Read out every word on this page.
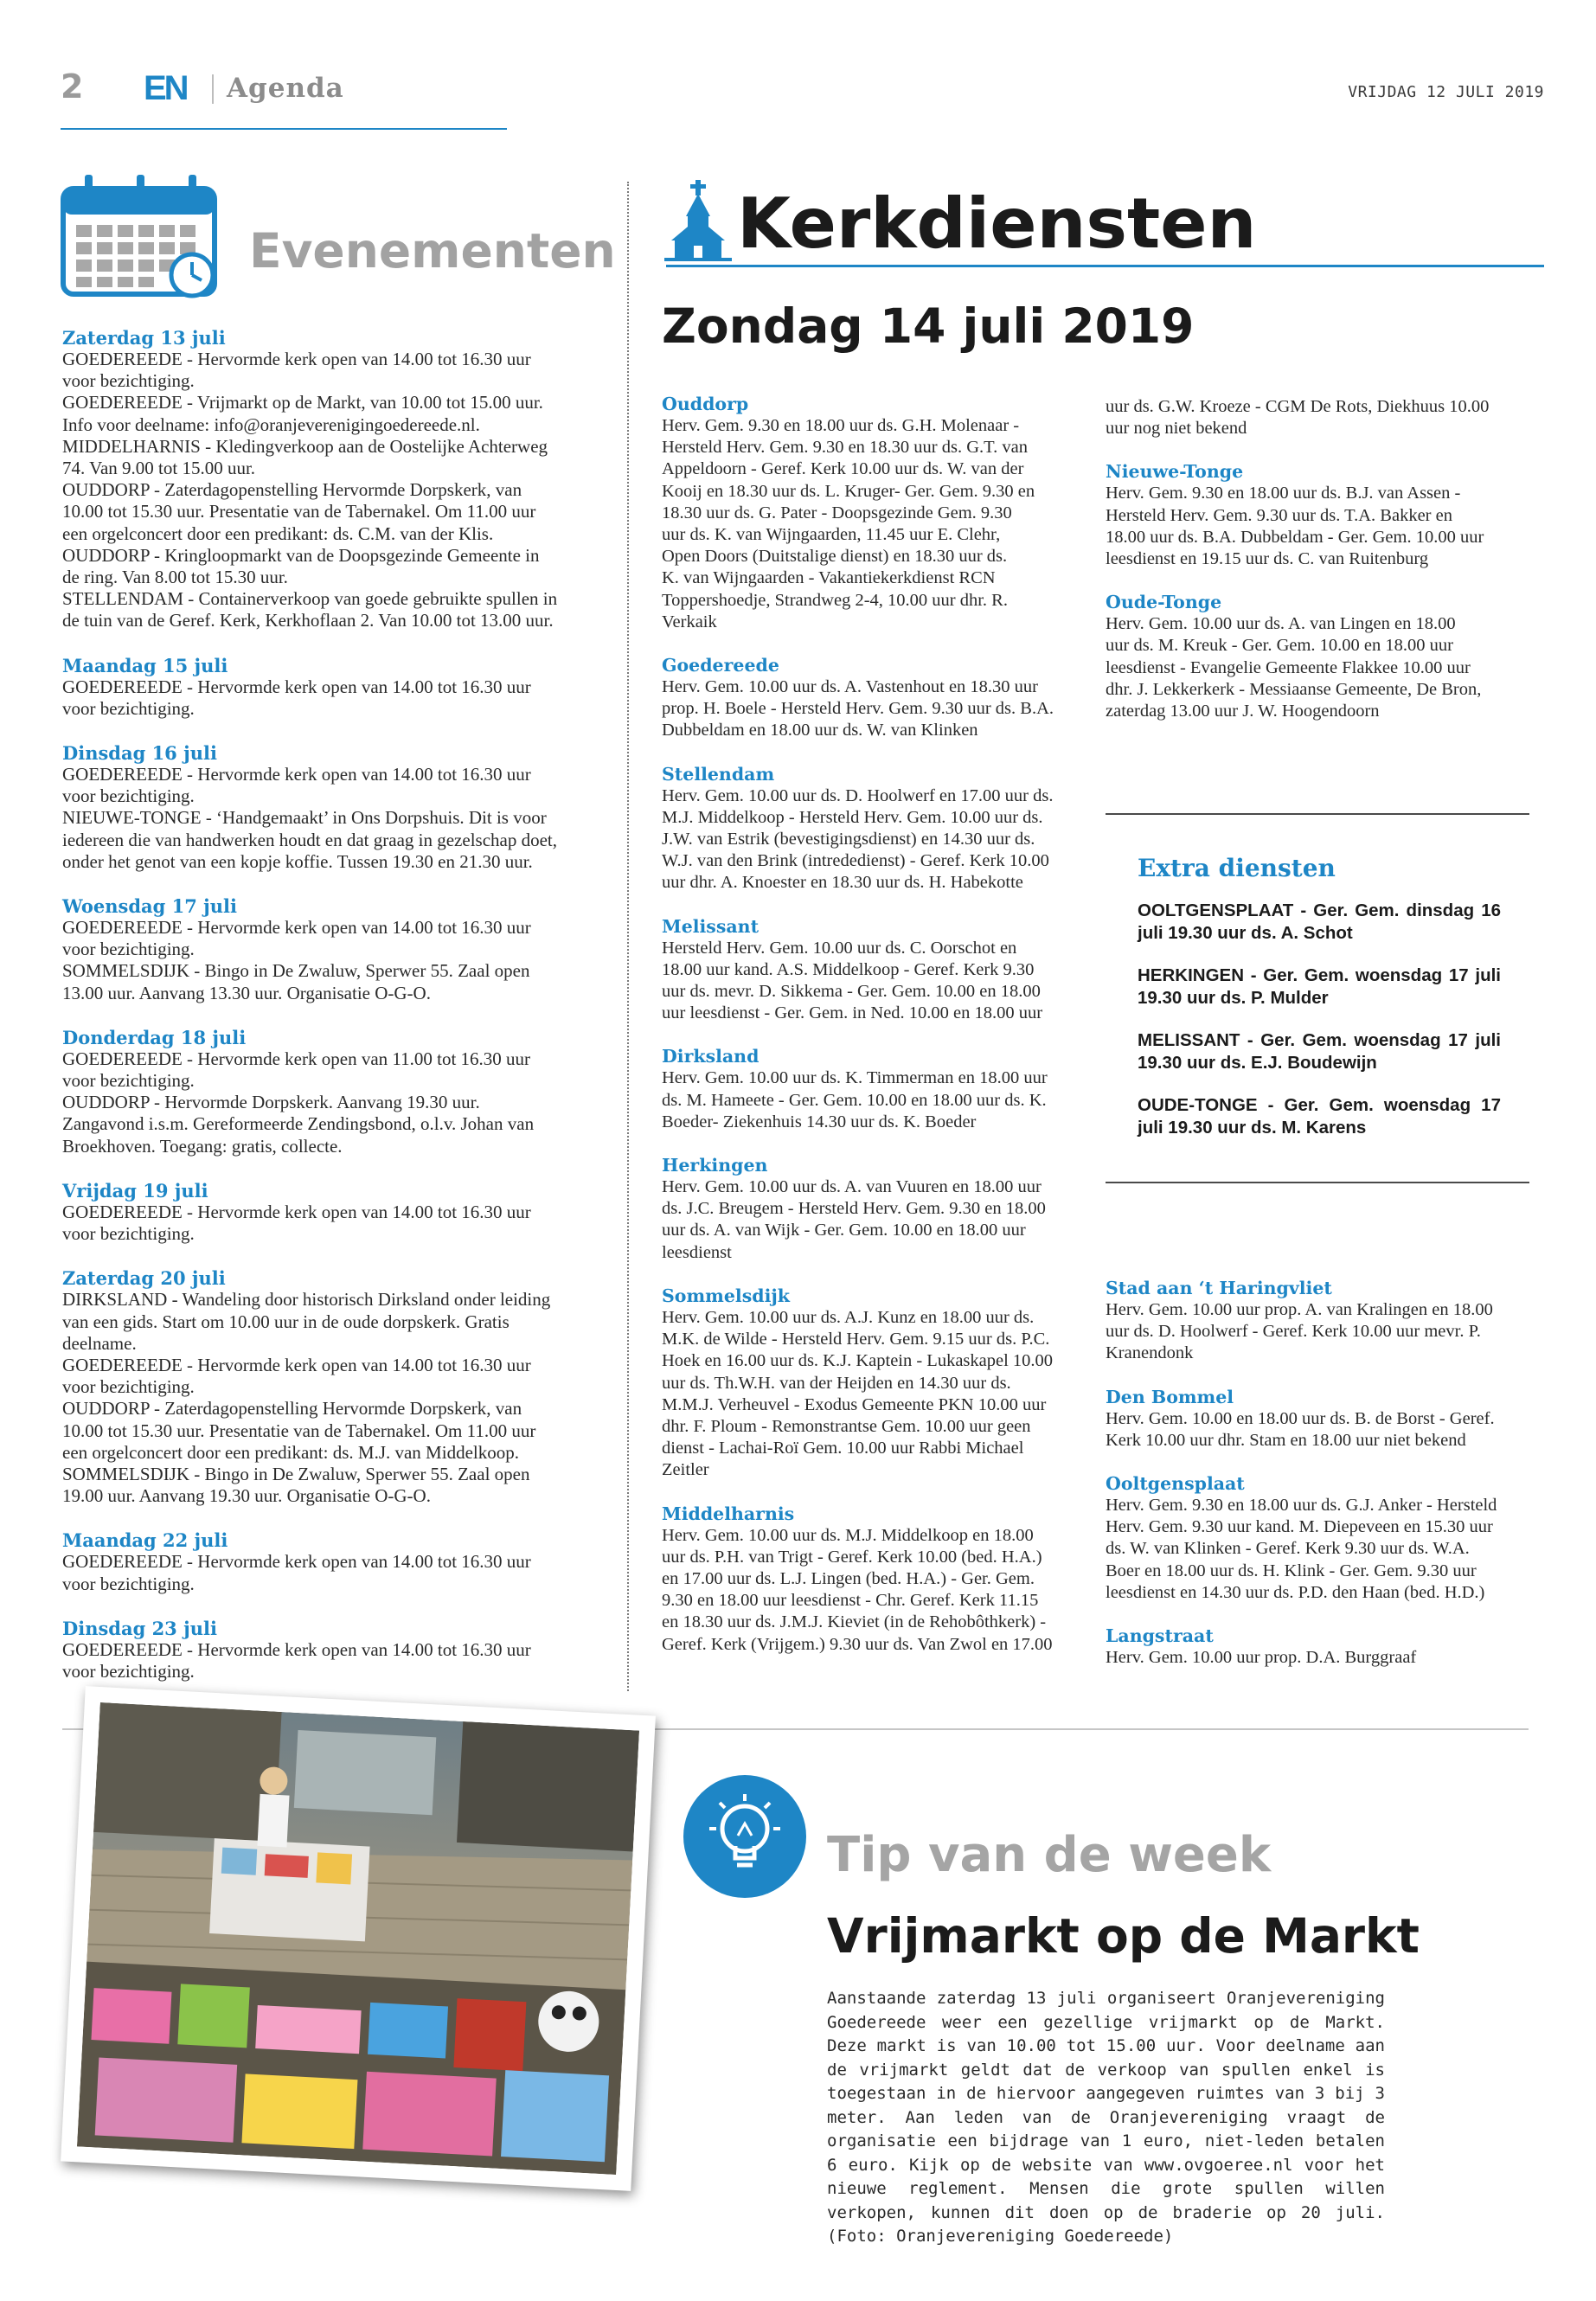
2 EN Agenda	VRIJDAG 12 JULI 2019
Evenementen
Zaterdag 13 juli
GOEDEREEDE - Hervormde kerk open van 14.00 tot 16.30 uur
voor bezichtiging.
GOEDEREEDE - Vrijmarkt op de Markt, van 10.00 tot 15.00 uur.
Info voor deelname: info@oranjeverenigingoedereede.nl.
MIDDELHARNIS - Kledingverkoop aan de Oostelijke Achterweg
74. Van 9.00 tot 15.00 uur.
OUDDORP - Zaterdagopenstelling Hervormde Dorpskerk, van
10.00 tot 15.30 uur. Presentatie van de Tabernakel. Om 11.00 uur
een orgelconcert door een predikant: ds. C.M. van der Klis.
OUDDORP - Kringloopmarkt van de Doopsgezinde Gemeente in
de ring. Van 8.00 tot 15.30 uur.
STELLENDAM - Containerverkoop van goede gebruikte spullen in
de tuin van de Geref. Kerk, Kerkhoflaan 2. Van 10.00 tot 13.00 uur.
Maandag 15 juli
GOEDEREEDE - Hervormde kerk open van 14.00 tot 16.30 uur
voor bezichtiging.
Dinsdag 16 juli
GOEDEREEDE - Hervormde kerk open van 14.00 tot 16.30 uur
voor bezichtiging.
NIEUWE-TONGE - ‘Handgemaakt’ in Ons Dorpshuis. Dit is voor
iedereen die van handwerken houdt en dat graag in gezelschap doet,
onder het genot van een kopje koffie. Tussen 19.30 en 21.30 uur.
Woensdag 17 juli
GOEDEREEDE - Hervormde kerk open van 14.00 tot 16.30 uur
voor bezichtiging.
SOMMELSDIJK - Bingo in De Zwaluw, Sperwer 55. Zaal open
13.00 uur. Aanvang 13.30 uur. Organisatie O-G-O.
Donderdag 18 juli
GOEDEREEDE - Hervormde kerk open van 11.00 tot 16.30 uur
voor bezichtiging.
OUDDORP - Hervormde Dorpskerk. Aanvang 19.30 uur.
Zangavond i.s.m. Gereformeerde Zendingsbond, o.l.v. Johan van
Broekhoven. Toegang: gratis, collecte.
Vrijdag 19 juli
GOEDEREEDE - Hervormde kerk open van 14.00 tot 16.30 uur
voor bezichtiging.
Zaterdag 20 juli
DIRKSLAND - Wandeling door historisch Dirksland onder leiding
van een gids. Start om 10.00 uur in de oude dorpskerk. Gratis
deelname.
GOEDEREEDE - Hervormde kerk open van 14.00 tot 16.30 uur
voor bezichtiging.
OUDDORP - Zaterdagopenstelling Hervormde Dorpskerk, van
10.00 tot 15.30 uur. Presentatie van de Tabernakel. Om 11.00 uur
een orgelconcert door een predikant: ds. M.J. van Middelkoop.
SOMMELSDIJK - Bingo in De Zwaluw, Sperwer 55. Zaal open
19.00 uur. Aanvang 19.30 uur. Organisatie O-G-O.
Maandag 22 juli
GOEDEREEDE - Hervormde kerk open van 14.00 tot 16.30 uur
voor bezichtiging.
Dinsdag 23 juli
GOEDEREEDE - Hervormde kerk open van 14.00 tot 16.30 uur
voor bezichtiging.
Kerkdiensten
Zondag 14 juli 2019
Ouddorp
Herv. Gem. 9.30 en 18.00 uur ds. G.H. Molenaar -
Hersteld Herv. Gem. 9.30 en 18.30 uur ds. G.T. van
Appeldoorn - Geref. Kerk 10.00 uur ds. W. van der
Kooij en 18.30 uur ds. L. Kruger- Ger. Gem. 9.30 en
18.30 uur ds. G. Pater - Doopsgezinde Gem. 9.30
uur ds. K. van Wijngaarden, 11.45 uur E. Clehr,
Open Doors (Duitstalige dienst) en 18.30 uur ds.
K. van Wijngaarden - Vakantiekerkdienst RCN
Toppershoedje, Strandweg 2-4, 10.00 uur dhr. R.
Verkaik
Goedereede
Herv. Gem. 10.00 uur ds. A. Vastenhout en 18.30 uur
prop. H. Boele - Hersteld Herv. Gem. 9.30 uur ds. B.A.
Dubbeldam en 18.00 uur ds. W. van Klinken
Stellendam
Herv. Gem. 10.00 uur ds. D. Hoolwerf en 17.00 uur ds.
M.J. Middelkoop - Hersteld Herv. Gem. 10.00 uur ds.
J.W. van Estrik (bevestigingsdienst) en 14.30 uur ds.
W.J. van den Brink (intrededienst) - Geref. Kerk 10.00
uur dhr. A. Knoester en 18.30 uur ds. H. Habekotte
Melissant
Hersteld Herv. Gem. 10.00 uur ds. C. Oorschot en
18.00 uur kand. A.S. Middelkoop - Geref. Kerk 9.30
uur ds. mevr. D. Sikkema - Ger. Gem. 10.00 en 18.00
uur leesdienst - Ger. Gem. in Ned. 10.00 en 18.00 uur
Dirksland
Herv. Gem. 10.00 uur ds. K. Timmerman en 18.00 uur
ds. M. Hameete - Ger. Gem. 10.00 en 18.00 uur ds. K.
Boeder- Ziekenhuis 14.30 uur ds. K. Boeder
Herkingen
Herv. Gem. 10.00 uur ds. A. van Vuuren en 18.00 uur
ds. J.C. Breugem - Hersteld Herv. Gem. 9.30 en 18.00
uur ds. A. van Wijk - Ger. Gem. 10.00 en 18.00 uur
leesdienst
Sommelsdijk
Herv. Gem. 10.00 uur ds. A.J. Kunz en 18.00 uur ds.
M.K. de Wilde - Hersteld Herv. Gem. 9.15 uur ds. P.C.
Hoek en 16.00 uur ds. K.J. Kaptein - Lukaskapel 10.00
uur ds. Th.W.H. van der Heijden en 14.30 uur ds.
M.M.J. Verheuvel - Exodus Gemeente PKN 10.00 uur
dhr. F. Ploum - Remonstrantse Gem. 10.00 uur geen
dienst - Lachai-Roï Gem. 10.00 uur Rabbi Michael
Zeitler
Middelharnis
Herv. Gem. 10.00 uur ds. M.J. Middelkoop en 18.00
uur ds. P.H. van Trigt - Geref. Kerk 10.00 (bed. H.A.)
en 17.00 uur ds. L.J. Lingen (bed. H.A.) - Ger. Gem.
9.30 en 18.00 uur leesdienst - Chr. Geref. Kerk 11.15
en 18.30 uur ds. J.M.J. Kieviet (in de Rehobôthkerk) -
Geref. Kerk (Vrijgem.) 9.30 uur ds. Van Zwol en 17.00
uur ds. G.W. Kroeze - CGM De Rots, Diekhuus 10.00
uur nog niet bekend
Nieuwe-Tonge
Herv. Gem. 9.30 en 18.00 uur ds. B.J. van Assen -
Hersteld Herv. Gem. 9.30 uur ds. T.A. Bakker en
18.00 uur ds. B.A. Dubbeldam - Ger. Gem. 10.00 uur
leesdienst en 19.15 uur ds. C. van Ruitenburg
Oude-Tonge
Herv. Gem. 10.00 uur ds. A. van Lingen en 18.00
uur ds. M. Kreuk - Ger. Gem. 10.00 en 18.00 uur
leesdienst - Evangelie Gemeente Flakkee 10.00 uur
dhr. J. Lekkerkerk - Messiaanse Gemeente, De Bron,
zaterdag 13.00 uur J. W. Hoogendoorn
Extra diensten

OOLTGENSPLAAT - Ger. Gem. dinsdag 16 juli 19.30 uur ds. A. Schot

HERKINGEN - Ger. Gem. woensdag 17 juli 19.30 uur ds. P. Mulder

MELISSANT - Ger. Gem. woensdag 17 juli 19.30 uur ds. E.J. Boudewijn

OUDE-TONGE - Ger. Gem. woensdag 17 juli 19.30 uur ds. M. Karens

Stad aan ‘t Haringvliet
Herv. Gem. 10.00 uur prop. A. van Kralingen en 18.00
uur ds. D. Hoolwerf - Geref. Kerk 10.00 uur mevr. P.
Kranendonk
Den Bommel
Herv. Gem. 10.00 en 18.00 uur ds. B. de Borst - Geref.
Kerk 10.00 uur dhr. Stam en 18.00 uur niet bekend
Ooltgensplaat
Herv. Gem. 9.30 en 18.00 uur ds. G.J. Anker - Hersteld
Herv. Gem. 9.30 uur kand. M. Diepeveen en 15.30 uur
ds. W. van Klinken - Geref. Kerk 9.30 uur ds. W.A.
Boer en 18.00 uur ds. H. Klink - Ger. Gem. 9.30 uur
leesdienst en 14.30 uur ds. P.D. den Haan (bed. H.D.)
Langstraat
Herv. Gem. 10.00 uur prop. D.A. Burggraaf
Tip van de week
Vrijmarkt op de Markt
Aanstaande zaterdag 13 juli organiseert Oranjevereniging Goedereede weer een gezellige vrijmarkt op de Markt. Deze markt is van 10.00 tot 15.00 uur. Voor deelname aan de vrijmarkt geldt dat de verkoop van spullen enkel is toegestaan in de hiervoor aangegeven ruimtes van 3 bij 3 meter. Aan leden van de Oranjevereniging vraagt de organisatie een bijdrage van 1 euro, niet-leden betalen 6 euro. Kijk op de website van www.ovgoeree.nl voor het nieuwe reglement. Mensen die grote spullen willen verkopen, kunnen dit doen op de braderie op 20 juli. (Foto: Oranjevereniging Goedereede)
